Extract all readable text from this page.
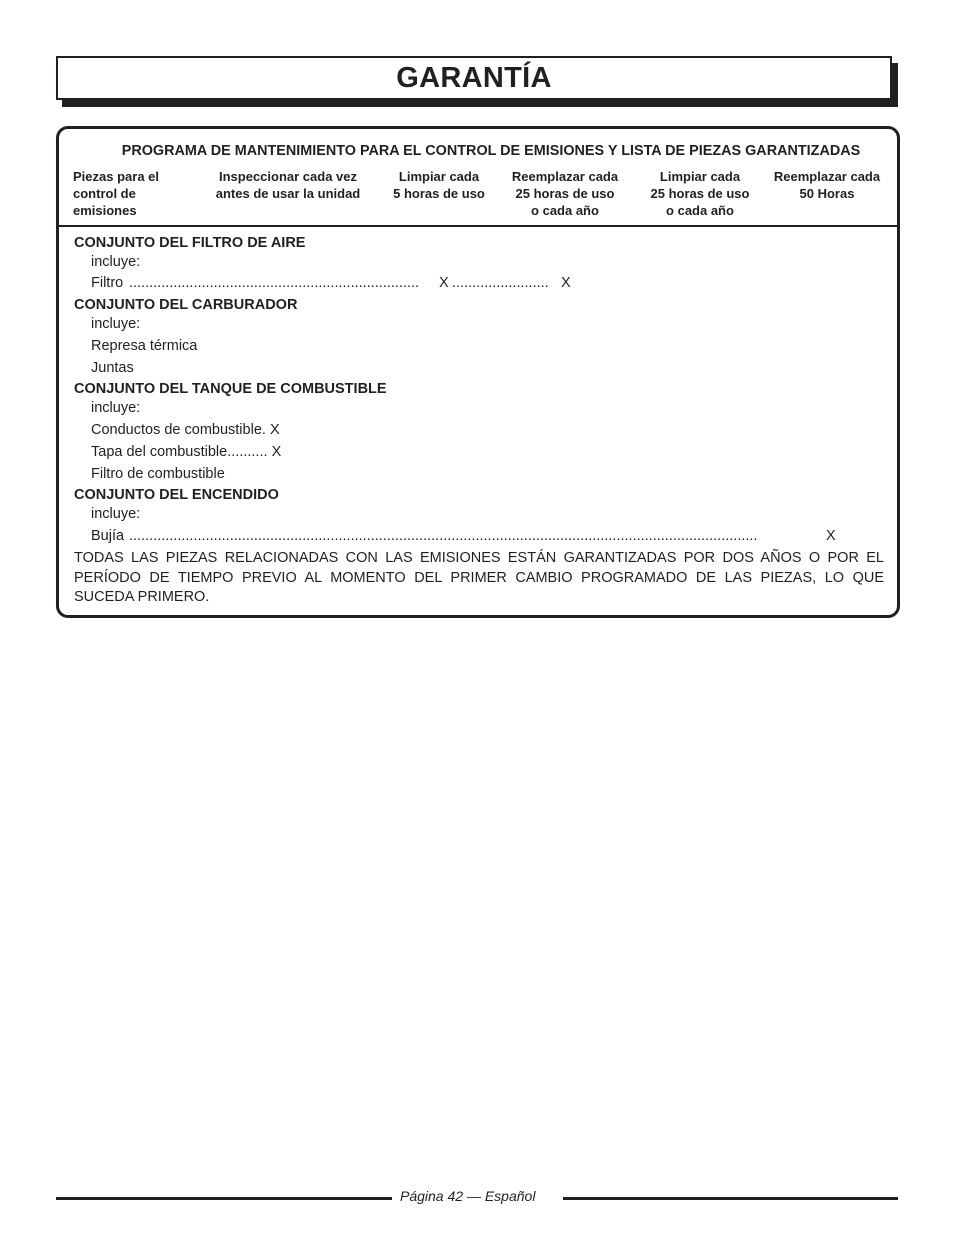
GARANTÍA
PROGRAMA DE MANTENIMIENTO PARA EL CONTROL DE EMISIONES Y LISTA DE PIEZAS GARANTIZADAS
Piezas para el
control de
emisiones
Inspeccionar cada vez
antes de usar la unidad
Limpiar cada
5 horas de uso
Reemplazar cada
25 horas de uso
o cada año
Limpiar cada
25 horas de uso
o cada año
Reemplazar cada
50 Horas
CONJUNTO DEL FILTRO DE AIRE
incluye:
Filtro ........................................................................	X ........................ X
CONJUNTO DEL CARBURADOR
incluye:
Represa térmica
Juntas
CONJUNTO DEL TANQUE DE COMBUSTIBLE
incluye:
Conductos de combustible. X
Tapa del combustible.......... X
Filtro de combustible
CONJUNTO DEL ENCENDIDO
incluye:
Bujía ............................................................................................................................................................	X
TODAS LAS PIEZAS RELACIONADAS CON LAS EMISIONES ESTÁN GARANTIZADAS POR DOS AÑOS O POR EL PERÍODO DE TIEMPO PREVIO AL MOMENTO DEL PRIMER CAMBIO PROGRAMADO DE LAS PIEZAS, LO QUE SUCEDA PRIMERO.
Página 42 — Español
